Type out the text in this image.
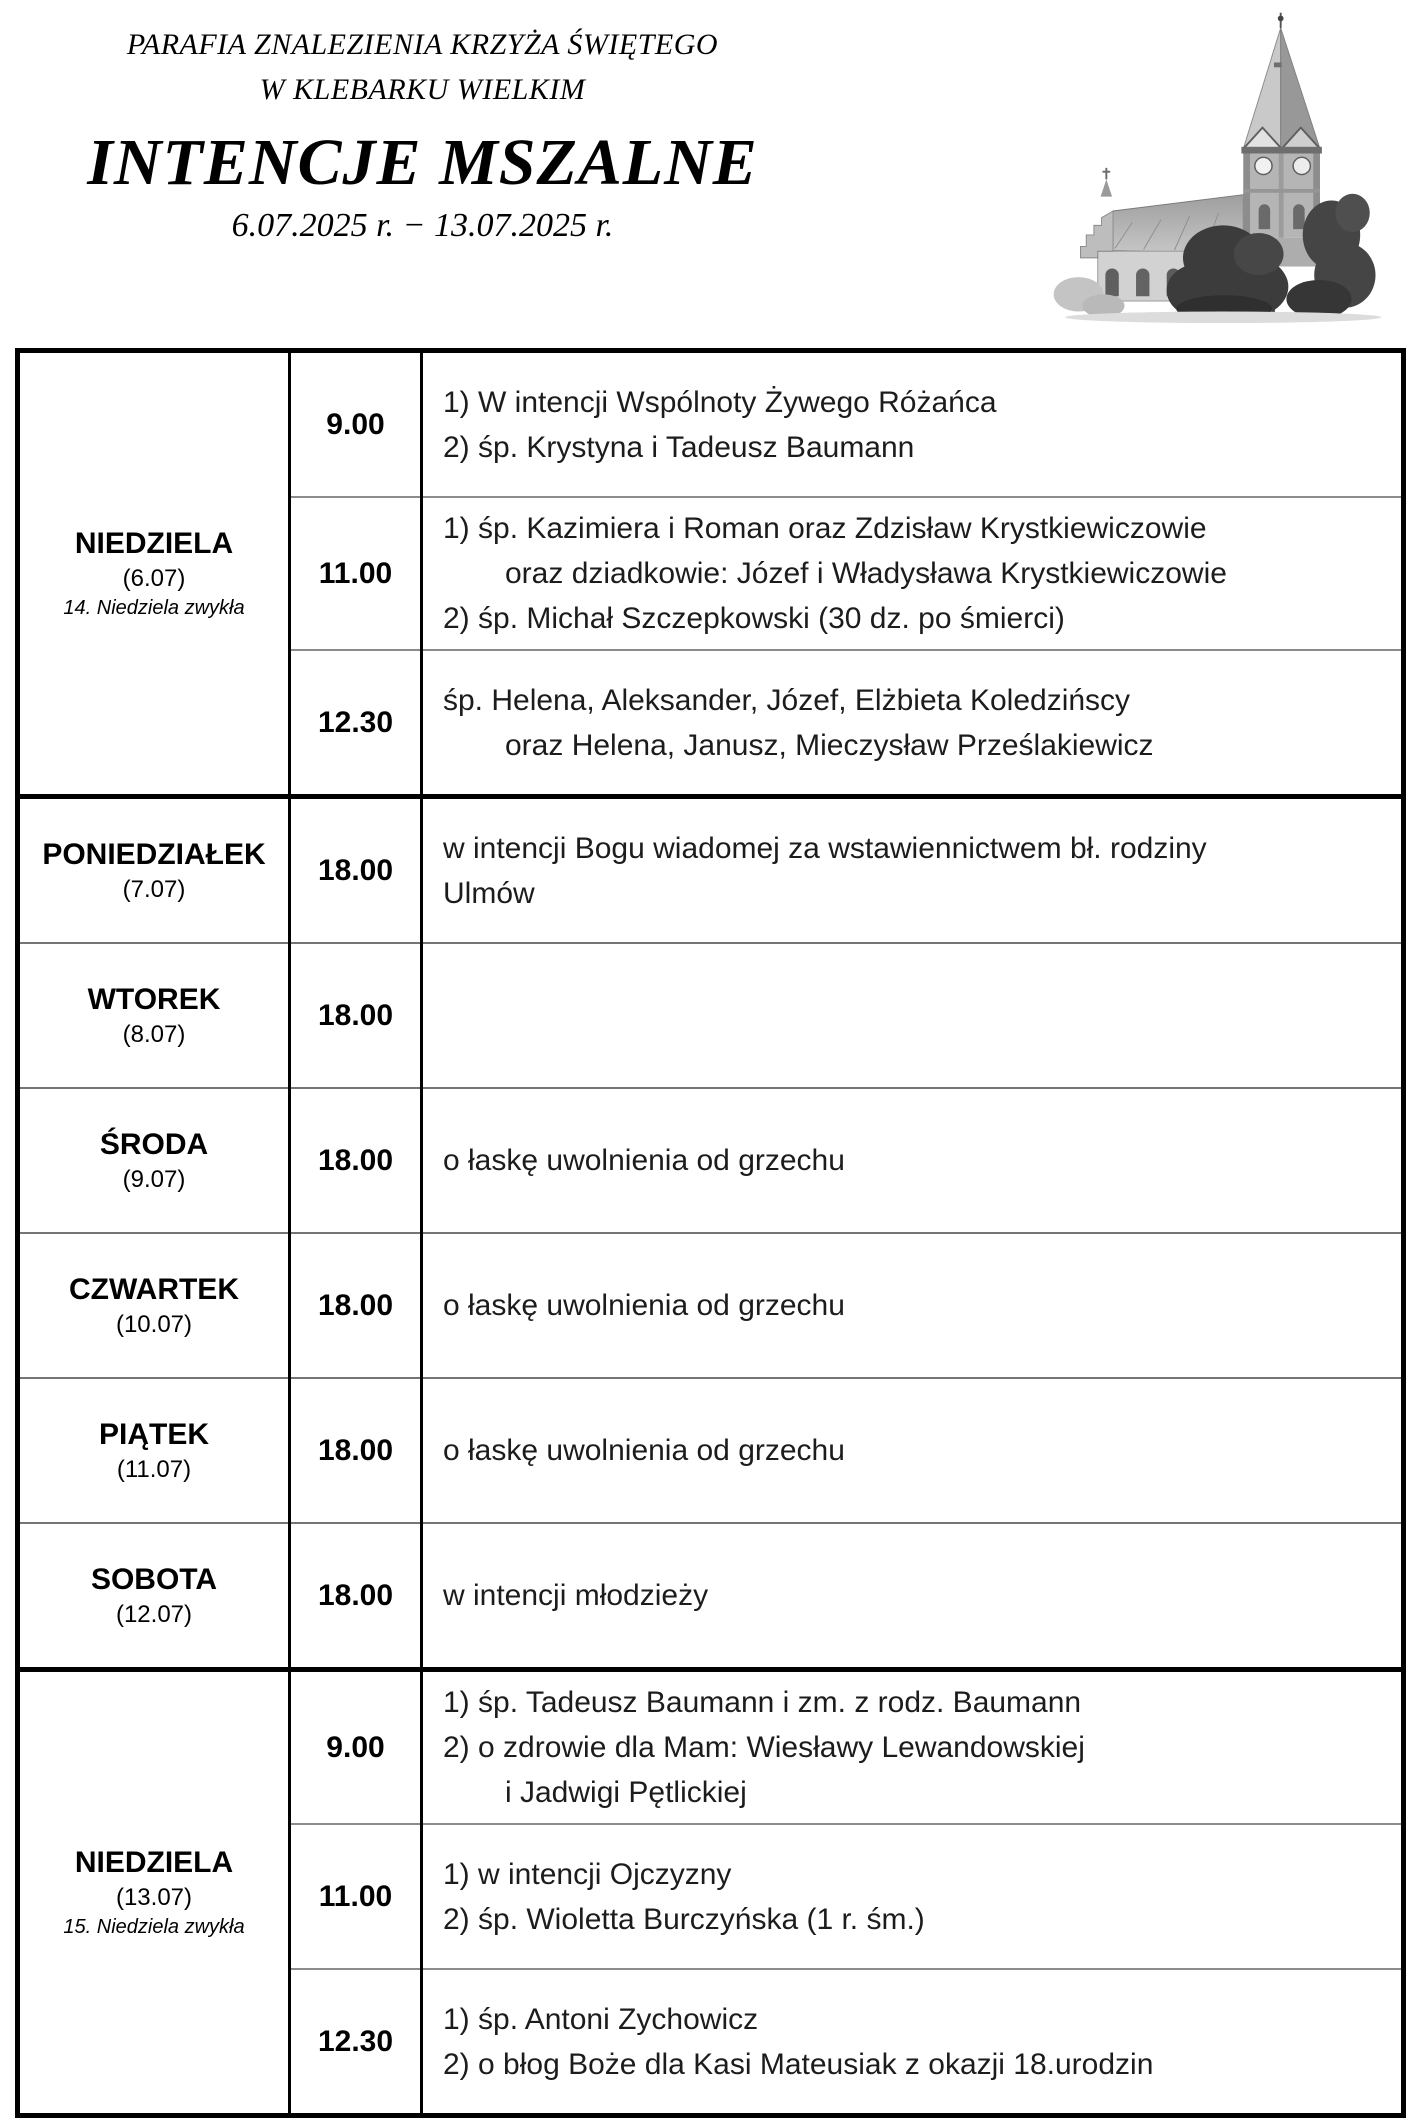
PARAFIA ZNALEZIENIA KRZYŻA ŚWIĘTEGO
W KLEBARKU WIELKIM
INTENCJE MSZALNE
6.07.2025 r. − 13.07.2025 r.
NIEDZIELA
(6.07)
14. Niedziela zwykła
	9.00	
1) W intencji Wspólnoty Żywego Różańca
2) śp. Krystyna i Tadeusz Baumann

	11.00	1) śp. Kazimiera i Roman oraz Zdzisław Krystkiewiczowie
oraz dziadkowie: Józef i Władysława Krystkiewiczowie
2) śp. Michał Szczepkowski (30 dz. po śmierci)

	12.30	śp. Helena, Aleksander, Józef, Elżbieta Koledzińscy
oraz Helena, Janusz, Mieczysław Prześlakiewicz

PONIEDZIAŁEK
(7.07)
	18.00	
w intencji Bogu wiadomej za wstawiennictwem bł. rodziny
Ulmów

WTOREK
(8.07)	18.00	

ŚRODA
(9.07)	18.00	o łaskę uwolnienia od grzechu

CZWARTEK
(10.07)	18.00	o łaskę uwolnienia od grzechu

PIĄTEK
(11.07)	18.00	o łaskę uwolnienia od grzechu

SOBOTA
(12.07)	18.00	w intencji młodzieży

NIEDZIELA
(13.07)
15. Niedziela zwykła
	9.00	
1) śp. Tadeusz Baumann i zm. z rodz. Baumann
2) o zdrowie dla Mam: Wiesławy Lewandowskiej
i Jadwigi Pętlickiej

	11.00	1) w intencji Ojczyzny
2) śp. Wioletta Burczyńska (1 r. śm.)

	12.30	1) śp. Antoni Zychowicz
2) o błog Boże dla Kasi Mateusiak z okazji 18.urodzin
